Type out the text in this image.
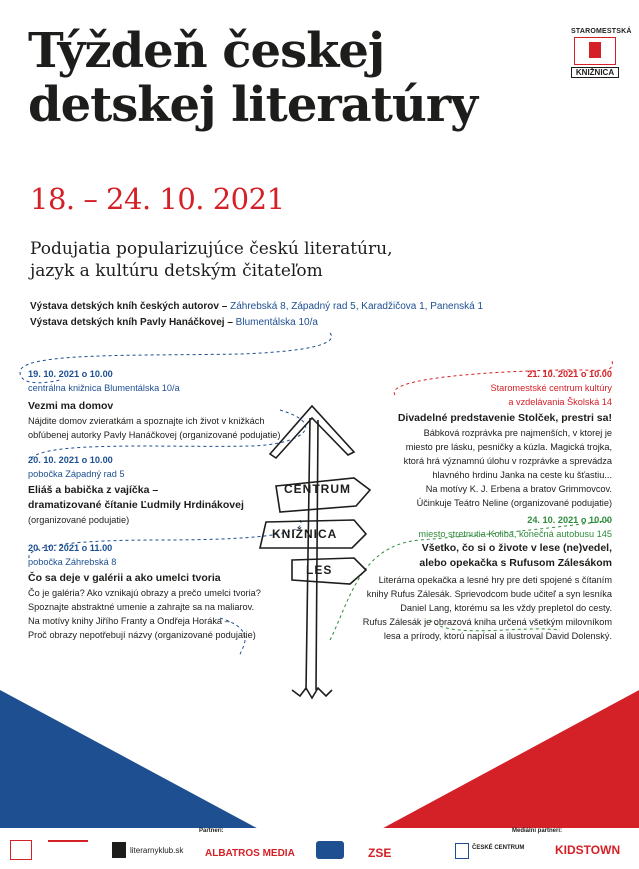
Týždeň českej
detskej literatúry
STAROMESTSKÁ
KNIŽNICA
18. – 24. 10. 2021
Podujatia popularizujúce českú literatúru,
jazyk a kultúru detským čitateľom
Výstava detských kníh českých autorov – Záhrebská 8, Západný rad 5, Karadžičova 1, Panenská 1
Výstava detských kníh Pavly Hanáčkovej – Blumentálska 10/a
19. 10. 2021 o 10.00
centrálna knižnica Blumentálska 10/a
Vezmi ma domov
Nájdite domov zvieratkám a spoznajte ich život v knižkách
obľúbenej autorky Pavly Hanáčkovej (organizované podujatie)
20. 10. 2021 o 10.00
pobočka Západný rad 5
Eliáš a babička z vajíčka –
dramatizované čítanie Ľudmily Hrdinákovej
(organizované podujatie)
20. 10. 2021 o 11.00
pobočka Záhrebská 8
Čo sa deje v galérii a ako umelci tvoria
Čo je galéria? Ako vznikajú obrazy a prečo umelci tvoria?
Spoznajte abstraktné umenie a zahrajte sa na maliarov.
Na motívy knihy Jiřího Franty a Ondřeja Horáka –
Proč obrazy nepotřebují názvy (organizované podujatie)
21. 10. 2021 o 10.00
Staromestské centrum kultúry
a vzdelávania Školská 14
Divadelné predstavenie Stolček, prestri sa!
Bábková rozprávka pre najmenších, v ktorej je
miesto pre lásku, pesničky a kúzla. Magická trojka,
ktorá hrá významnú úlohu v rozprávke a sprevádza
hlavného hrdinu Janka na ceste ku šťastiu...
Na motívy K. J. Erbena a bratov Grimmovcov.
Účinkuje Teátro Neline (organizované podujatie)
24. 10. 2021 o 10.00
miesto stretnutia Koliba, konečná autobusu 145
Všetko, čo si o živote v lese (ne)vedel,
alebo opekačka s Rufusom Zálesákom
Literárna opekačka a lesné hry pre deti spojené s čítaním
knihy Rufus Zálesák. Sprievodcom bude učiteľ a syn lesníka
Daniel Lang, ktorému sa les vždy prepletol do cesty.
Rufus Zálesák je obrazová kniha určená všetkým milovníkom
lesa a prírody, ktorú napísal a ilustroval David Dolenský.
CENTRUM
KNIŽNICA
LES
Partneri:	Mediální partneri:
literarnyklub.sk ALBATROS MEDIA	ZSE	ČESKÉ CENTRUM	KIDSTOWN
